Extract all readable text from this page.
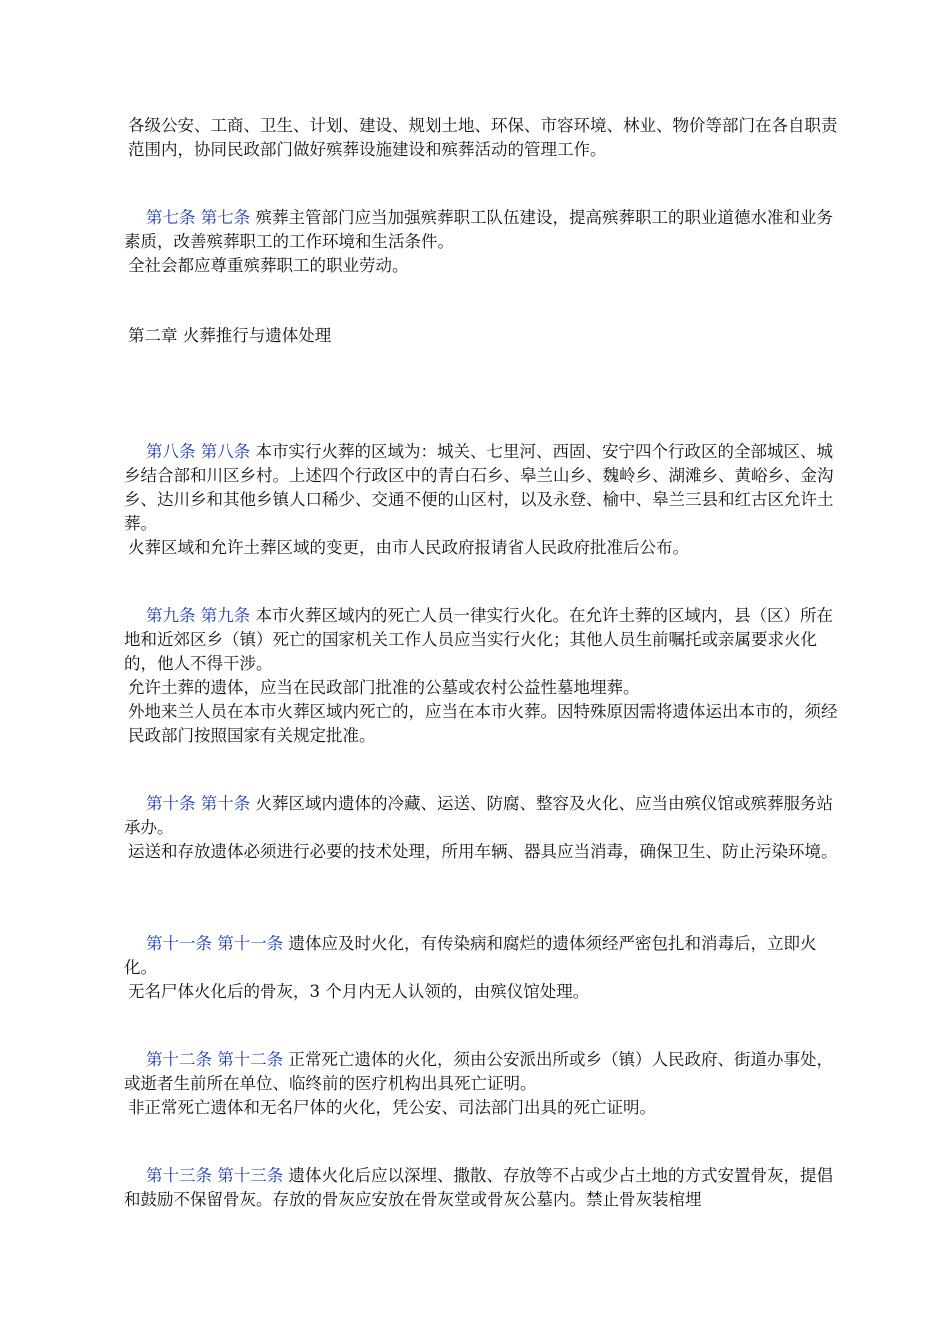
各级公安、工商、卫生、计划、建设、规划土地、环保、市容环境、林业、物价等部门在各自职责范围内，协同民政部门做好殡葬设施建设和殡葬活动的管理工作。

第七条 第七条 殡葬主管部门应当加强殡葬职工队伍建设，提高殡葬职工的职业道德水准和业务素质，改善殡葬职工的工作环境和生活条件。

全社会都应尊重殡葬职工的职业劳动。

第二章 火葬推行与遗体处理

第八条 第八条 本市实行火葬的区域为：城关、七里河、西固、安宁四个行政区的全部城区、城乡结合部和川区乡村。上述四个行政区中的青白石乡、皋兰山乡、魏岭乡、湖滩乡、黄峪乡、金沟乡、达川乡和其他乡镇人口稀少、交通不便的山区村，以及永登、榆中、皋兰三县和红古区允许土葬。

火葬区域和允许土葬区域的变更，由市人民政府报请省人民政府批准后公布。

第九条 第九条 本市火葬区域内的死亡人员一律实行火化。在允许土葬的区域内，县（区）所在地和近郊区乡（镇）死亡的国家机关工作人员应当实行火化；其他人员生前嘱托或亲属要求火化的，他人不得干涉。

允许土葬的遗体，应当在民政部门批准的公墓或农村公益性墓地埋葬。

外地来兰人员在本市火葬区域内死亡的，应当在本市火葬。因特殊原因需将遗体运出本市的，须经民政部门按照国家有关规定批准。

第十条 第十条 火葬区域内遗体的冷藏、运送、防腐、整容及火化、应当由殡仪馆或殡葬服务站承办。

运送和存放遗体必须进行必要的技术处理，所用车辆、器具应当消毒，确保卫生、防止污染环境。

第十一条 第十一条 遗体应及时火化，有传染病和腐烂的遗体须经严密包扎和消毒后，立即火化。

无名尸体火化后的骨灰，3 个月内无人认领的，由殡仪馆处理。

第十二条 第十二条 正常死亡遗体的火化，须由公安派出所或乡（镇）人民政府、街道办事处，或逝者生前所在单位、临终前的医疗机构出具死亡证明。

非正常死亡遗体和无名尸体的火化，凭公安、司法部门出具的死亡证明。

第十三条 第十三条 遗体火化后应以深埋、撒散、存放等不占或少占土地的方式安置骨灰，提倡和鼓励不保留骨灰。存放的骨灰应安放在骨灰堂或骨灰公墓内。禁止骨灰装棺埋
